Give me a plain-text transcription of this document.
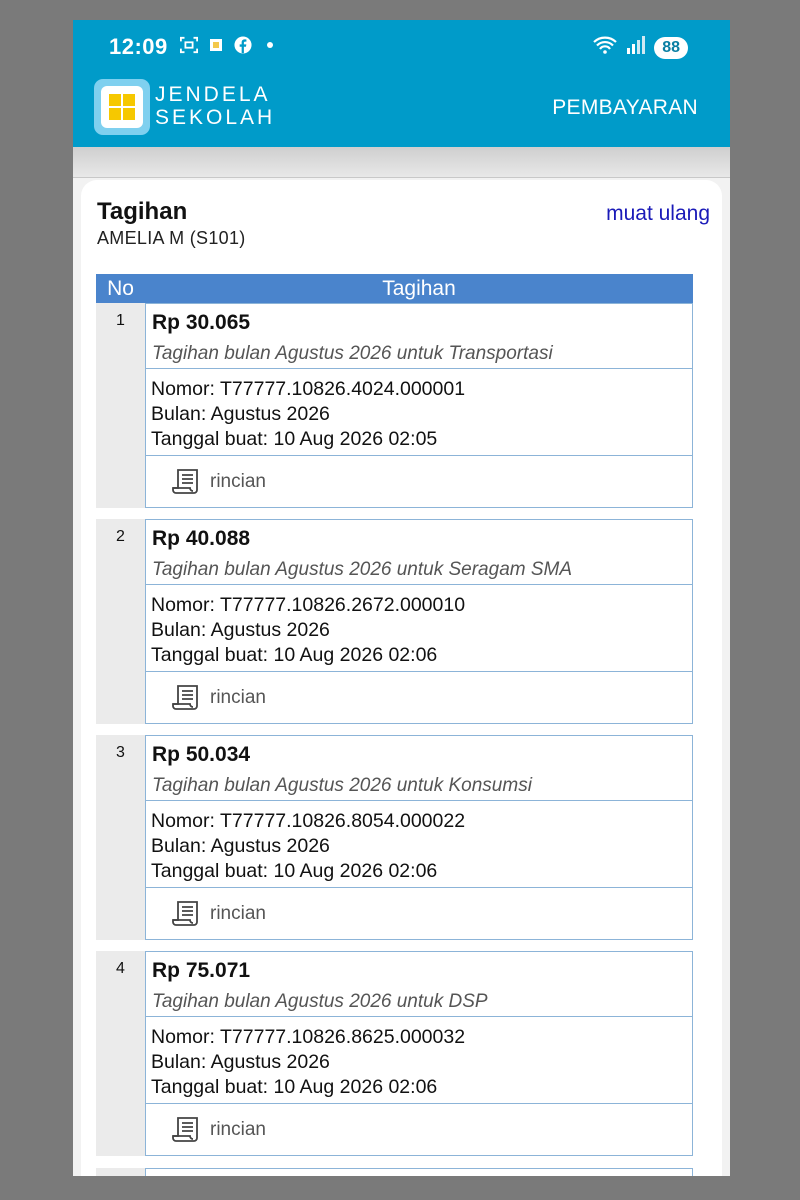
12:09	88
JENDELA
SEKOLAH	PEMBAYARAN
Tagihan
AMELIA M (S101)
muat ulang
No	Tagihan
1	Rp 30.065
Tagihan bulan Agustus 2026 untuk Transportasi
Nomor: T77777.10826.4024.000001
Bulan: Agustus 2026
Tanggal buat: 10 Aug 2026 02:05
rincian
2	Rp 40.088
Tagihan bulan Agustus 2026 untuk Seragam SMA
Nomor: T77777.10826.2672.000010
Bulan: Agustus 2026
Tanggal buat: 10 Aug 2026 02:06
rincian
3	Rp 50.034
Tagihan bulan Agustus 2026 untuk Konsumsi
Nomor: T77777.10826.8054.000022
Bulan: Agustus 2026
Tanggal buat: 10 Aug 2026 02:06
rincian
4	Rp 75.071
Tagihan bulan Agustus 2026 untuk DSP
Nomor: T77777.10826.8625.000032
Bulan: Agustus 2026
Tanggal buat: 10 Aug 2026 02:06
rincian
